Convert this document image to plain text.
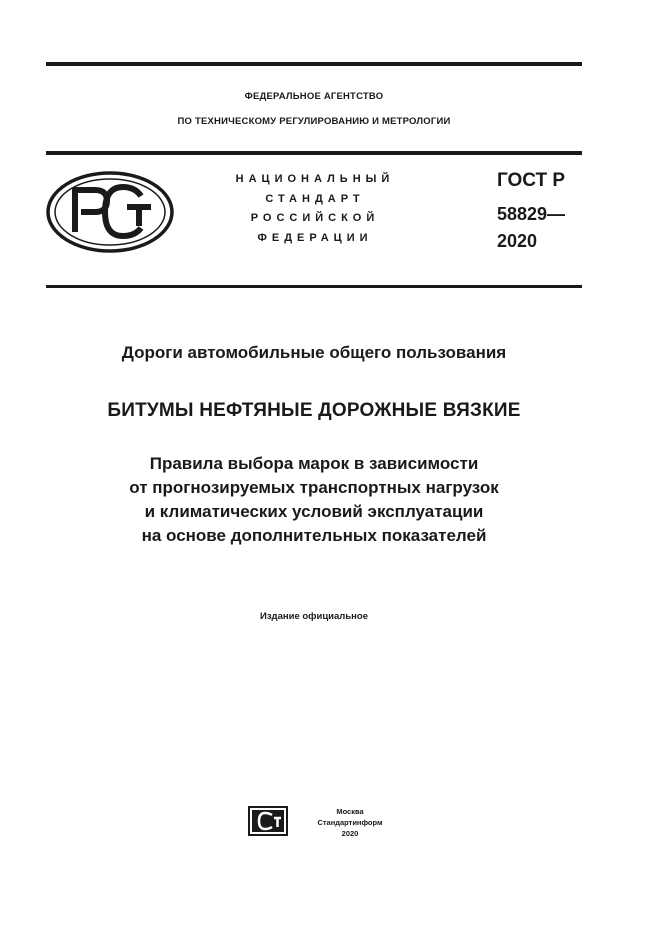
ФЕДЕРАЛЬНОЕ АГЕНТСТВО
ПО ТЕХНИЧЕСКОМУ РЕГУЛИРОВАНИЮ И МЕТРОЛОГИИ
НАЦИОНАЛЬНЫЙ
СТАНДАРТ
РОССИЙСКОЙ
ФЕДЕРАЦИИ
ГОСТ Р
58829—
2020
Дороги автомобильные общего пользования
БИТУМЫ НЕФТЯНЫЕ ДОРОЖНЫЕ ВЯЗКИЕ
Правила выбора марок в зависимости
от прогнозируемых транспортных нагрузок
и климатических условий эксплуатации
на основе дополнительных показателей
Издание официальное
Москва
Стандартинформ
2020
